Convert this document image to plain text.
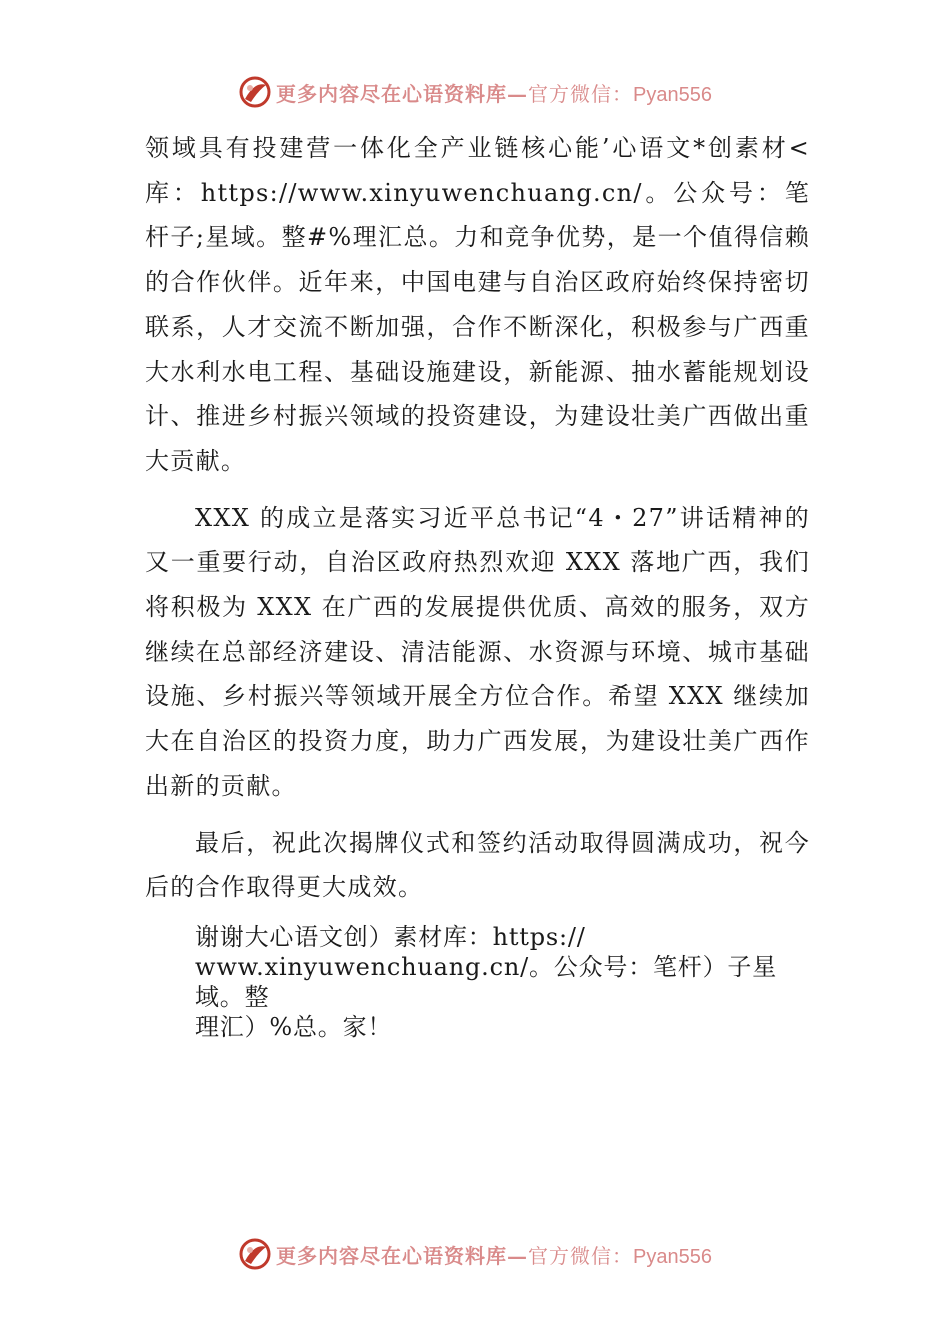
更多内容尽在心语资料库—官方微信：Pyan556

领域具有投建营一体化全产业链核心能’心语文*创素材<库：https://www.xinyuwenchuang.cn/。公众号：笔杆子;星域。整#%理汇总。力和竞争优势，是一个值得信赖的合作伙伴。近年来，中国电建与自治区政府始终保持密切联系，人才交流不断加强，合作不断深化，积极参与广西重大水利水电工程、基础设施建设，新能源、抽水蓄能规划设计、推进乡村振兴领域的投资建设，为建设壮美广西做出重大贡献。

XXX 的成立是落实习近平总书记“4・27”讲话精神的又一重要行动，自治区政府热烈欢迎 XXX 落地广西，我们将积极为 XXX 在广西的发展提供优质、高效的服务，双方继续在总部经济建设、清洁能源、水资源与环境、城市基础设施、乡村振兴等领域开展全方位合作。希望 XXX 继续加大在自治区的投资力度，助力广西发展，为建设壮美广西作出新的贡献。

最后，祝此次揭牌仪式和签约活动取得圆满成功，祝今后的合作取得更大成效。

谢谢大心语文创）素材库：https://
www.xinyuwenchuang.cn/。公众号：笔杆）子星域。整
理汇）%总。家！
更多内容尽在心语资料库—官方微信：Pyan556
